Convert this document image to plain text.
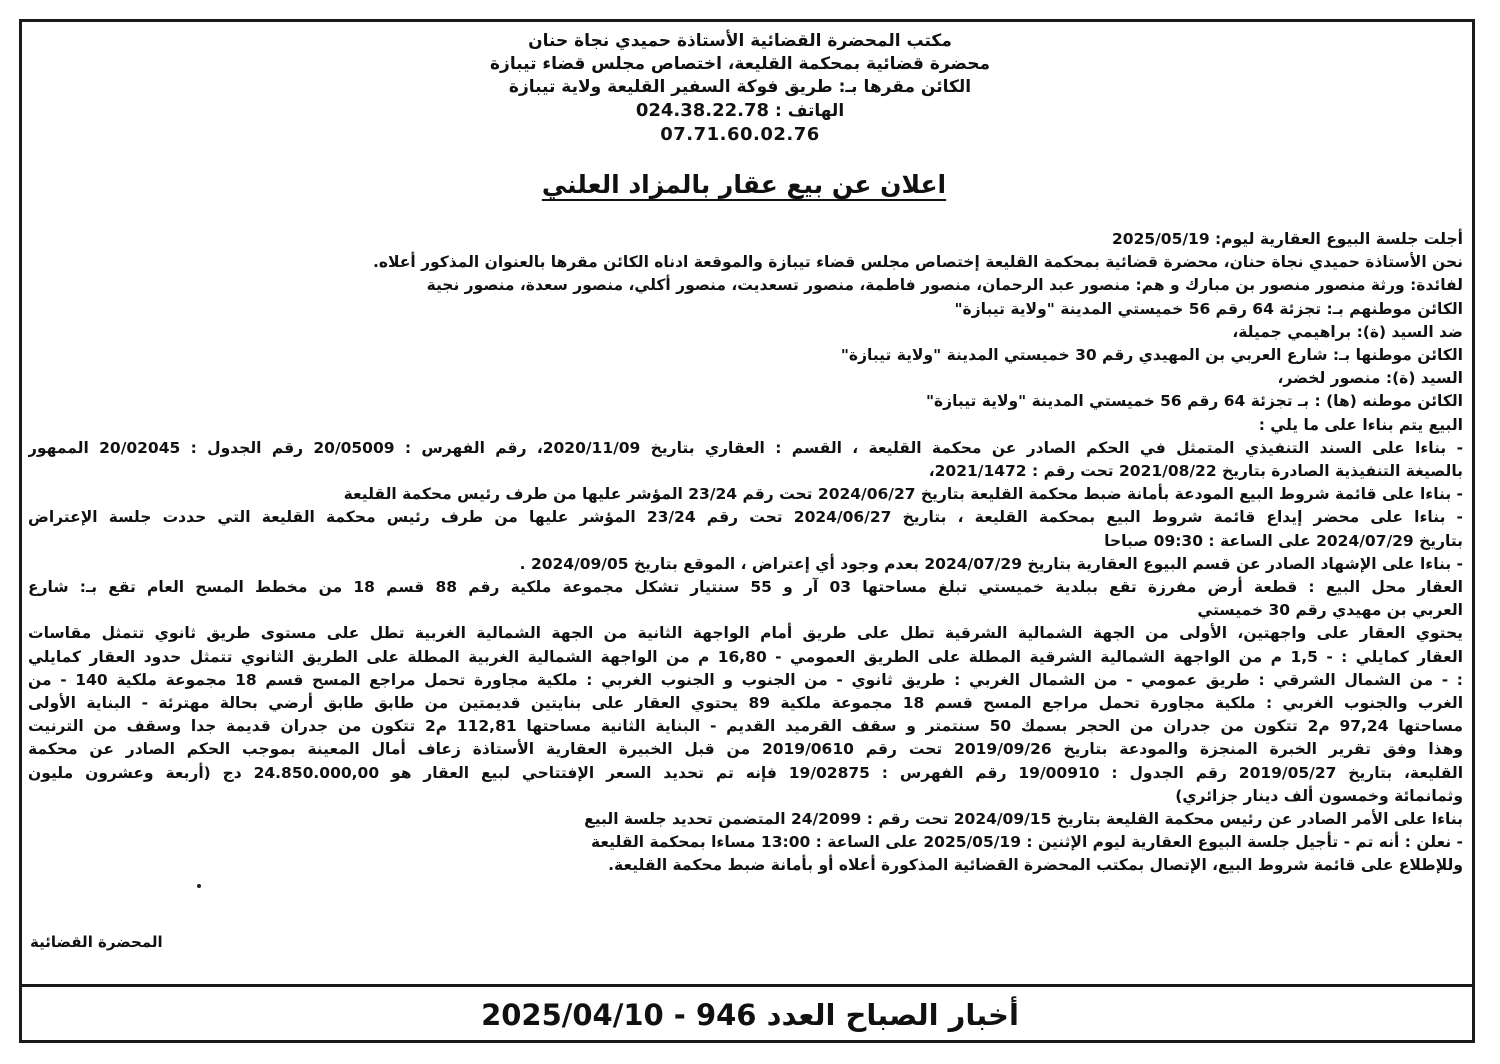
مكتب المحضرة القضائية الأستاذة حميدي نجاة حنان
محضرة قضائية بمحكمة القليعة، اختصاص مجلس قضاء تيبازة
الكائن مقرها بـ: طريق فوكة السفير القليعة ولاية تيبازة
الهاتف : 024.38.22.78
07.71.60.02.76
اعلان عن بيع عقار بالمزاد العلني
أجلت جلسة البيوع العقارية ليوم: 2025/05/19
نحن الأستاذة حميدي نجاة حنان، محضرة قضائية بمحكمة القليعة إختصاص مجلس قضاء تيبازة والموقعة ادناه الكائن مقرها بالعنوان المذكور أعلاه.
لفائدة: ورثة منصور منصور بن مبارك و هم: منصور عبد الرحمان، منصور فاطمة، منصور تسعديت، منصور أكلي، منصور سعدة، منصور نجية
الكائن موطنهم بـ: تجزئة 64 رقم 56 خميستي المدينة "ولاية تيبازة"
ضد السيد (ة): براهيمي جميلة،
الكائن موطنها بـ: شارع العربي بن المهيدي رقم 30 خميستي المدينة "ولاية تيبازة"
السيد (ة): منصور لخضر،
الكائن موطنه (ها) : بـ تجزئة 64 رقم 56 خميستي المدينة "ولاية تيبازة"
البيع يتم بناءا على ما يلي :
- بناءا على السند التنفيذي المتمثل في الحكم الصادر عن محكمة القليعة ، القسم : العقاري بتاريخ 2020/11/09، رقم الفهرس : 20/05009 رقم الجدول : 20/02045 الممهور
بالصيغة التنفيذية الصادرة بتاريخ 2021/08/22 تحت رقم : 2021/1472،
- بناءا على قائمة شروط البيع المودعة بأمانة ضبط محكمة القليعة بتاريخ 2024/06/27 تحت رقم 23/24 المؤشر عليها من طرف رئيس محكمة القليعة
- بناءا على محضر إيداع قائمة شروط البيع بمحكمة القليعة ، بتاريخ 2024/06/27 تحت رقم 23/24 المؤشر عليها من طرف رئيس محكمة القليعة التي حددت جلسة الإعتراض
بتاريخ 2024/07/29 على الساعة : 09:30 صباحا
- بناءا على الإشهاد الصادر عن قسم البيوع العقارية بتاريخ 2024/07/29 بعدم وجود أي إعتراض ، الموقع بتاريخ 2024/09/05 .
العقار محل البيع : قطعة أرض مفرزة تقع ببلدية خميستي تبلغ مساحتها 03 آر و 55 سنتيار تشكل مجموعة ملكية رقم 88 قسم 18 من مخطط المسح العام تقع بـ: شارع
العربي بن مهيدي رقم 30 خميستي
يحتوي العقار على واجهتين، الأولى من الجهة الشمالية الشرقية تطل على طريق أمام الواجهة الثانية من الجهة الشمالية الغربية تطل على مستوى طريق ثانوي تتمثل مقاسات
العقار كمايلي : - 1,5 م من الواجهة الشمالية الشرقية المطلة على الطريق العمومي - 16,80 م من الواجهة الشمالية الغربية المطلة على الطريق الثانوي تتمثل حدود العقار كمايلي
: - من الشمال الشرقي : طريق عمومي - من الشمال الغربي : طريق ثانوي - من الجنوب و الجنوب الغربي : ملكية مجاورة تحمل مراجع المسح قسم 18 مجموعة ملكية 140 - من
الغرب والجنوب الغربي : ملكية مجاورة تحمل مراجع المسح قسم 18 مجموعة ملكية 89 يحتوي العقار على بنايتين قديمتين من طابق طابق أرضي بحالة مهترئة - البناية الأولى
مساحتها 97,24 م2 تتكون من جدران من الحجر بسمك 50 سنتمتر و سقف القرميد القديم - البناية الثانية مساحتها 112,81 م2 تتكون من جدران قديمة جدا وسقف من الترنيت
وهذا وفق تقرير الخبرة المنجزة والمودعة بتاريخ 2019/09/26 تحت رقم 2019/0610 من قبل الخبيرة العقارية الأستاذة زعاف أمال المعينة بموجب الحكم الصادر عن محكمة
القليعة، بتاريخ 2019/05/27 رقم الجدول : 19/00910 رقم الفهرس : 19/02875 فإنه تم تحديد السعر الإفتتاحي لبيع العقار هو 24.850.000,00 دج (أربعة وعشرون مليون
وثمانمائة وخمسون ألف دينار جزائري)
بناءا على الأمر الصادر عن رئيس محكمة القليعة بتاريخ 2024/09/15 تحت رقم : 24/2099 المتضمن تحديد جلسة البيع
- نعلن : أنه تم - تأجيل جلسة البيوع العقارية ليوم الإثنين : 2025/05/19 على الساعة : 13:00 مساءا بمحكمة القليعة
وللإطلاع على قائمة شروط البيع، الإتصال بمكتب المحضرة القضائية المذكورة أعلاه أو بأمانة ضبط محكمة القليعة.
المحضرة القضائية
أخبار الصباح العدد 946 - 2025/04/10
